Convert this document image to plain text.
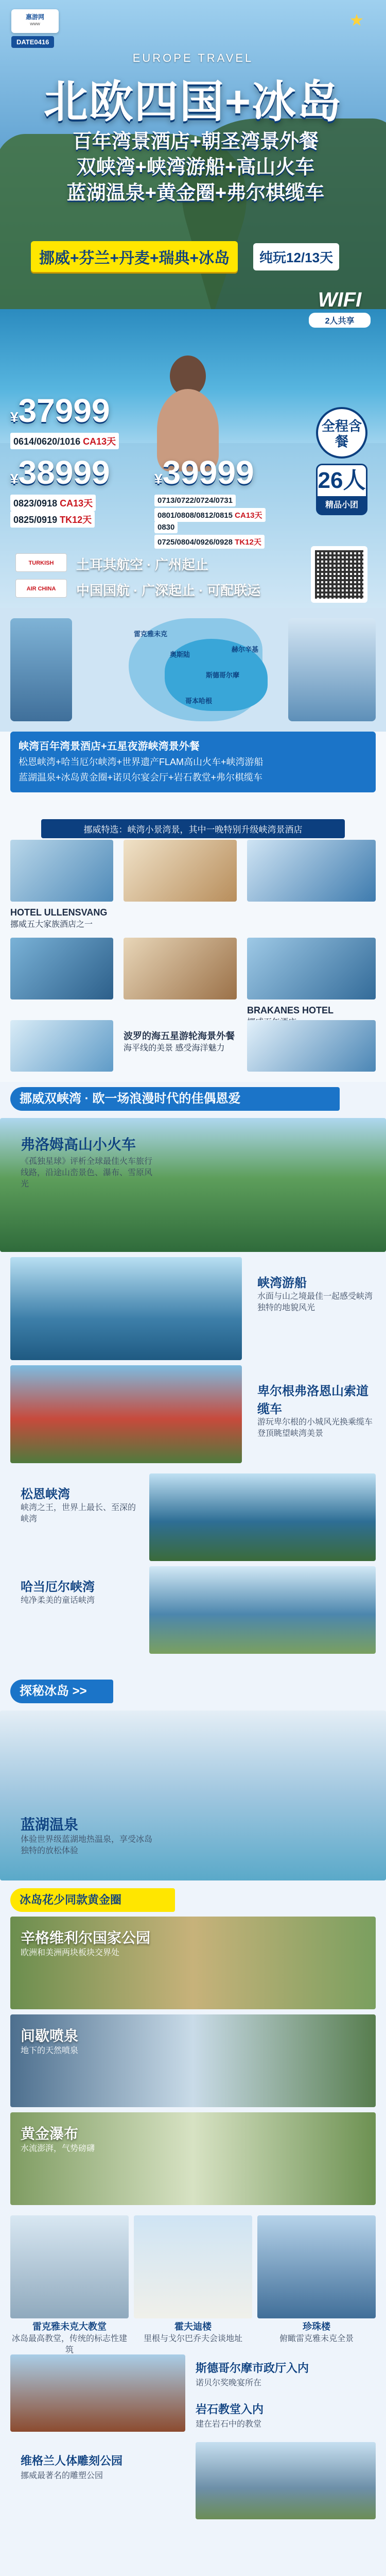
惠游网
www
DATE0416
★
EUROPE TRAVEL
北欧四国+冰岛
百年湾景酒店+朝圣湾景外餐
双峡湾+峡湾游船+高山火车
蓝湖温泉+黄金圈+弗尔棋缆车
挪威+芬兰+丹麦+瑞典+冰岛	纯玩12/13天
WIFI
2人共享
¥37999
0614/0620/1016 CA13天
¥38999
0823/0918 CA13天
0825/0919 TK12天
¥39999
0713/0722/0724/0731
0801/0808/0812/0815 CA13天
0830
0725/0804/0926/0928 TK12天
全程含餐
26人
精品小团
TURKISH	土耳其航空 · 广州起止
AIR CHINA	中国国航 · 广深起止 · 可配联运
奥斯陆
斯德哥尔摩
赫尔辛基
哥本哈根
雷克雅未克
峡湾百年湾景酒店+五星夜游峡湾景外餐
松恩峡湾+哈当厄尔峡湾+世界遗产FLAM高山火车+峡湾游船
蓝湖温泉+冰岛黄金圈+诺贝尔宴会厅+岩石教堂+弗尔棋缆车
挪威特选：峡湾小景湾景，其中一晚特别升级峡湾景酒店
HOTEL ULLENSVANG
挪威五大家族酒店之一
BRAKANES HOTEL

波罗的海五星游轮海景外餐
海平线的美景 感受海洋魅力
挪威双峡湾 · 欧一场浪漫时代的佳偶恩爱
弗洛姆高山小火车
《孤独星球》评析全球最佳火车旅行线路，沿途山峦景色、瀑布、雪原风光
峡湾游船
水面与山之境最佳一起感受峡湾独特的地貌风光
卑尔根弗洛恩山索道缆车
游玩卑尔根的小城风光换乘缆车登顶眺望峡湾美景
松恩峡湾
峡湾之王，世界上最长、至深的峡湾
哈当厄尔峡湾
纯净柔美的童话峡湾
探秘冰岛 >>
蓝湖温泉
体验世界级蓝湖地热温泉，享受冰岛独特的放松体验
冰岛花少同款黄金圈
辛格维利尔国家公园
欧洲和美洲两块板块交界处
间歇喷泉
地下的天然喷泉
黄金瀑布
水流澎湃，气势磅礴
雷克雅未克大教堂
冰岛最高教堂，传统的标志性建筑
霍夫迪楼
里根与戈尔巴乔夫会谈地址
珍珠楼
俯瞰雷克雅未克全景
斯德哥尔摩市政厅入内
诺贝尔奖晚宴所在
岩石教堂入内
建在岩石中的教堂
维格兰人体雕刻公园
挪威最著名的雕塑公园
